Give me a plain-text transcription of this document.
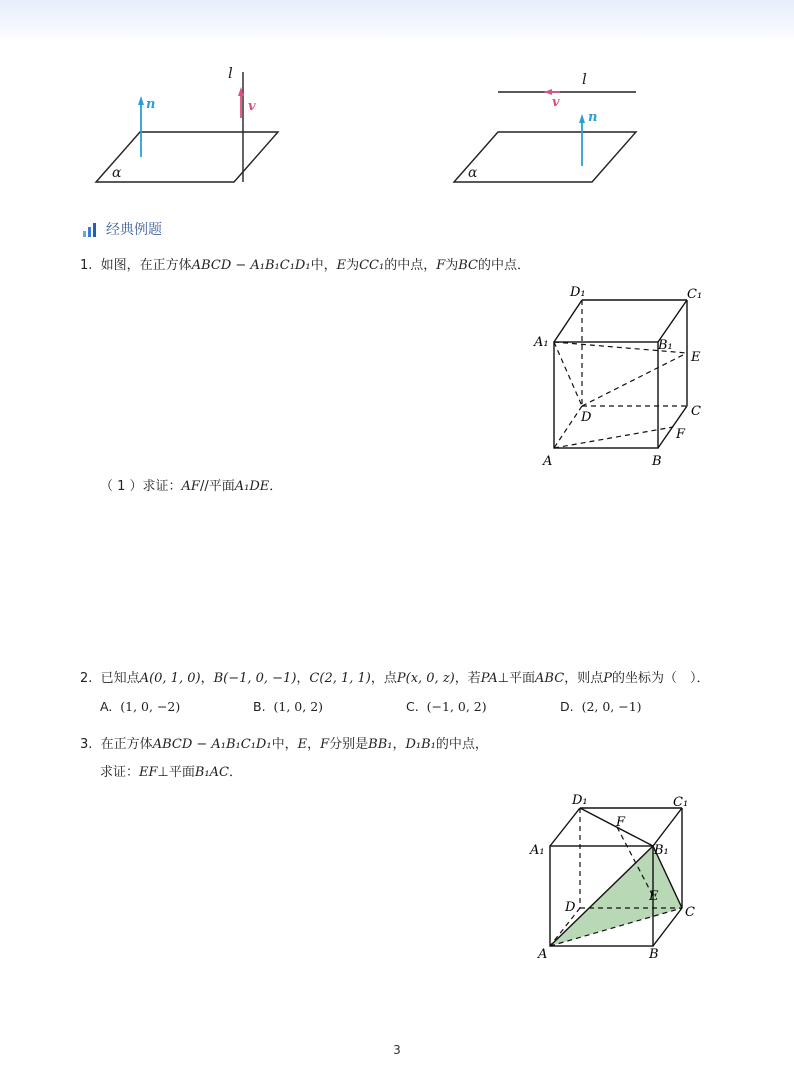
n
l
v
α
l
v
n
α
经典例题
1. 如图，在正方体ABCD − A₁B₁C₁D₁中，E为CC₁的中点，F为BC的中点．
D₁	C₁
A₁	B₁
E
D	C
F
A	B
（ 1 ）求证：AF//平面A₁DE．
2. 已知点A(0, 1, 0)，B(−1, 0, −1)，C(2, 1, 1)，点P(x, 0, z)，若PA⊥平面ABC，则点P的坐标为（　）．
A. (1, 0, −2)	B. (1, 0, 2)	C. (−1, 0, 2)	D. (2, 0, −1)
3. 在正方体ABCD − A₁B₁C₁D₁中，E，F分别是BB₁，D₁B₁的中点，
求证：EF⊥平面B₁AC．
D₁	C₁
F
A₁	B₁
E
D	C
A	B
3
